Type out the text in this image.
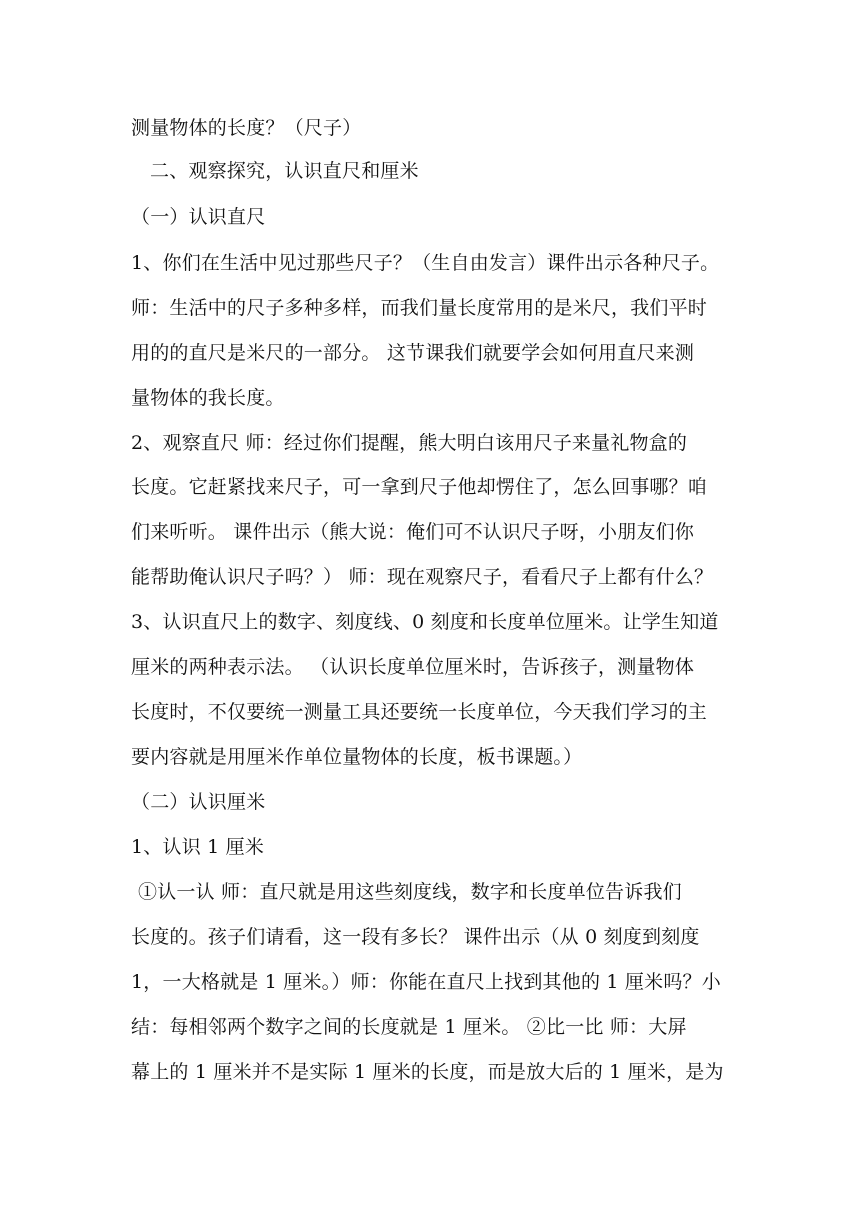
测量物体的长度？（尺子）
二、观察探究，认识直尺和厘米
（一）认识直尺
1、你们在生活中见过那些尺子？（生自由发言）课件出示各种尺子。
师：生活中的尺子多种多样，而我们量长度常用的是米尺，我们平时
用的的直尺是米尺的一部分。 这节课我们就要学会如何用直尺来测
量物体的我长度。
2、观察直尺 师：经过你们提醒，熊大明白该用尺子来量礼物盒的
长度。它赶紧找来尺子，可一拿到尺子他却愣住了，怎么回事哪？咱
们来听听。 课件出示（熊大说：俺们可不认识尺子呀，小朋友们你
能帮助俺认识尺子吗？） 师：现在观察尺子，看看尺子上都有什么？
3、认识直尺上的数字、刻度线、0 刻度和长度单位厘米。让学生知道
厘米的两种表示法。 （认识长度单位厘米时，告诉孩子，测量物体
长度时，不仅要统一测量工具还要统一长度单位，今天我们学习的主
要内容就是用厘米作单位量物体的长度，板书课题。）
（二）认识厘米
1、认识 1 厘米
①认一认 师：直尺就是用这些刻度线，数字和长度单位告诉我们
长度的。孩子们请看，这一段有多长？ 课件出示（从 0 刻度到刻度
1，一大格就是 1 厘米。）师：你能在直尺上找到其他的 1 厘米吗？小
结：每相邻两个数字之间的长度就是 1 厘米。 ②比一比 师：大屏
幕上的 1 厘米并不是实际 1 厘米的长度，而是放大后的 1 厘米，是为
